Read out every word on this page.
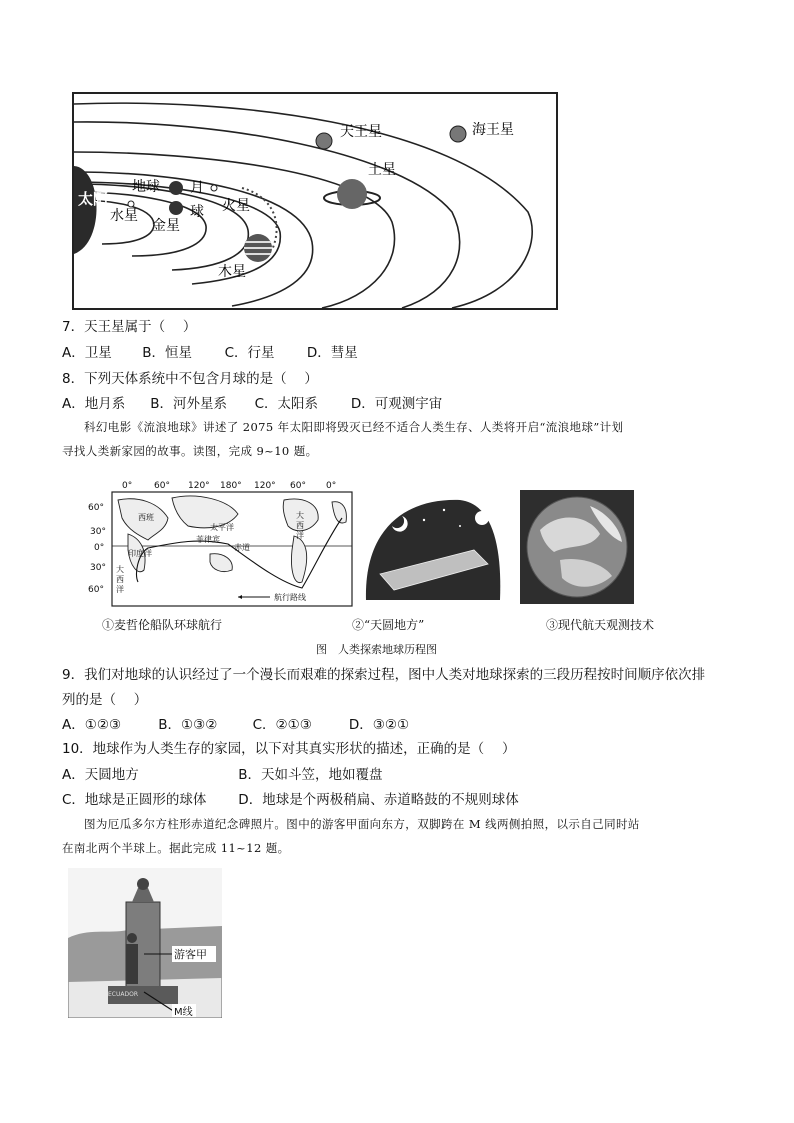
太阳
地球 月
球
水星
金星
火星
木星
土星
天王星	海王星
7．天王星属于（　 ）
A．卫星 B．恒星 C．行星 D．彗星
8．下列天体系统中不包含月球的是（　 ）
A．地月系 B．河外星系 C．太阳系 D．可观测宇宙
科幻电影《流浪地球》讲述了 2075 年太阳即将毁灭已经不适合人类生存、人类将开启“流浪地球”计划
寻找人类新家园的故事。读图，完成 9~10 题。
0° 60° 120° 180° 120° 60° 0°
60°
30°
0°
30°
60°
西班
菲律宾
太平洋
赤道
印度洋
大
西
洋
大
西
洋
航行路线
①麦哲伦船队环球航行	②“天圆地方”	③现代航天观测技术
图　人类探索地球历程图
9．我们对地球的认识经过了一个漫长而艰难的探索过程，图中人类对地球探索的三段历程按时间顺序依次排
列的是（　 ）
A．①②③	B．①③②	C．②①③	D．③②①
10．地球作为人类生存的家园，以下对其真实形状的描述，正确的是（　 ）
A．天圆地方	B．天如斗笠，地如覆盘
C．地球是正圆形的球体 D．地球是个两极稍扁、赤道略鼓的不规则球体
图为厄瓜多尔方柱形赤道纪念碑照片。图中的游客甲面向东方，双脚跨在 M 线两侧拍照，以示自己同时站
在南北两个半球上。据此完成 11~12 题。
游客甲
ECUADOR
M线
